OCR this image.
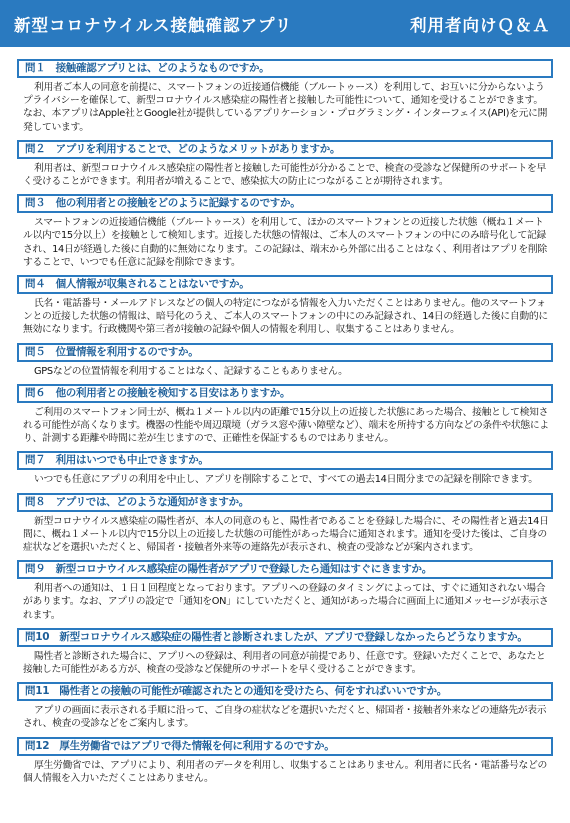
新型コロナウイルス接触確認アプリ	利用者向けＱ＆Ａ
問１　接触確認アプリとは、どのようなものですか。
利用者ご本人の同意を前提に、スマートフォンの近接通信機能（ブルートゥース）を利用して、お互いに分からないようプライバシーを確保して、新型コロナウイルス感染症の陽性者と接触した可能性について、通知を受けることができます。なお、本アプリはApple社とGoogle社が提供しているアプリケーション・プログラミング・インターフェイス(API)を元に開発しています。
問２　アプリを利用することで、どのようなメリットがありますか。
利用者は、新型コロナウイルス感染症の陽性者と接触した可能性が分かることで、検査の受診など保健所のサポートを早く受けることができます。利用者が増えることで、感染拡大の防止につながることが期待されます。
問３　他の利用者との接触をどのように記録するのですか。
スマートフォンの近接通信機能（ブルートゥース）を利用して、ほかのスマートフォンとの近接した状態（概ね１メートル以内で15分以上）を接触として検知します。近接した状態の情報は、ご本人のスマートフォンの中にのみ暗号化して記録され、14日が経過した後に自動的に無効になります。この記録は、端末から外部に出ることはなく、利用者はアプリを削除することで、いつでも任意に記録を削除できます。
問４　個人情報が収集されることはないですか。
氏名・電話番号・メールアドレスなどの個人の特定につながる情報を入力いただくことはありません。他のスマートフォンとの近接した状態の情報は、暗号化のうえ、ご本人のスマートフォンの中にのみ記録され、14日の経過した後に自動的に無効になります。行政機関や第三者が接触の記録や個人の情報を利用し、収集することはありません。
問５　位置情報を利用するのですか。
GPSなどの位置情報を利用することはなく、記録することもありません。
問６　他の利用者との接触を検知する目安はありますか。
ご利用のスマートフォン同士が、概ね１メートル以内の距離で15分以上の近接した状態にあった場合、接触として検知される可能性が高くなります。機器の性能や周辺環境（ガラス窓や薄い障壁など）、端末を所持する方向などの条件や状態により、計測する距離や時間に差が生じますので、正確性を保証するものではありません。
問７　利用はいつでも中止できますか。
いつでも任意にアプリの利用を中止し、アプリを削除することで、すべての過去14日間分までの記録を削除できます。
問８　アプリでは、どのような通知がきますか。
新型コロナウイルス感染症の陽性者が、本人の同意のもと、陽性者であることを登録した場合に、その陽性者と過去14日間に、概ね１メートル以内で15分以上の近接した状態の可能性があった場合に通知されます。通知を受けた後は、ご自身の症状などを選択いただくと、帰国者・接触者外来等の連絡先が表示され、検査の受診などが案内されます。
問９　新型コロナウイルス感染症の陽性者がアプリで登録したら通知はすぐにきますか。
利用者への通知は、１日１回程度となっております。アプリへの登録のタイミングによっては、すぐに通知されない場合があります。なお、アプリの設定で「通知をON」にしていただくと、通知があった場合に画面上に通知メッセージが表示されます。
問10　新型コロナウイルス感染症の陽性者と診断されましたが、アプリで登録しなかったらどうなりますか。
陽性者と診断された場合に、アプリへの登録は、利用者の同意が前提であり、任意です。登録いただくことで、あなたと接触した可能性がある方が、検査の受診など保健所のサポートを早く受けることができます。
問11　陽性者との接触の可能性が確認されたとの通知を受けたら、何をすればいいですか。
アプリの画面に表示される手順に沿って、ご自身の症状などを選択いただくと、帰国者・接触者外来などの連絡先が表示され、検査の受診などをご案内します。
問12　厚生労働省ではアプリで得た情報を何に利用するのですか。
厚生労働省では、アプリにより、利用者のデータを利用し、収集することはありません。利用者に氏名・電話番号などの個人情報を入力いただくことはありません。
